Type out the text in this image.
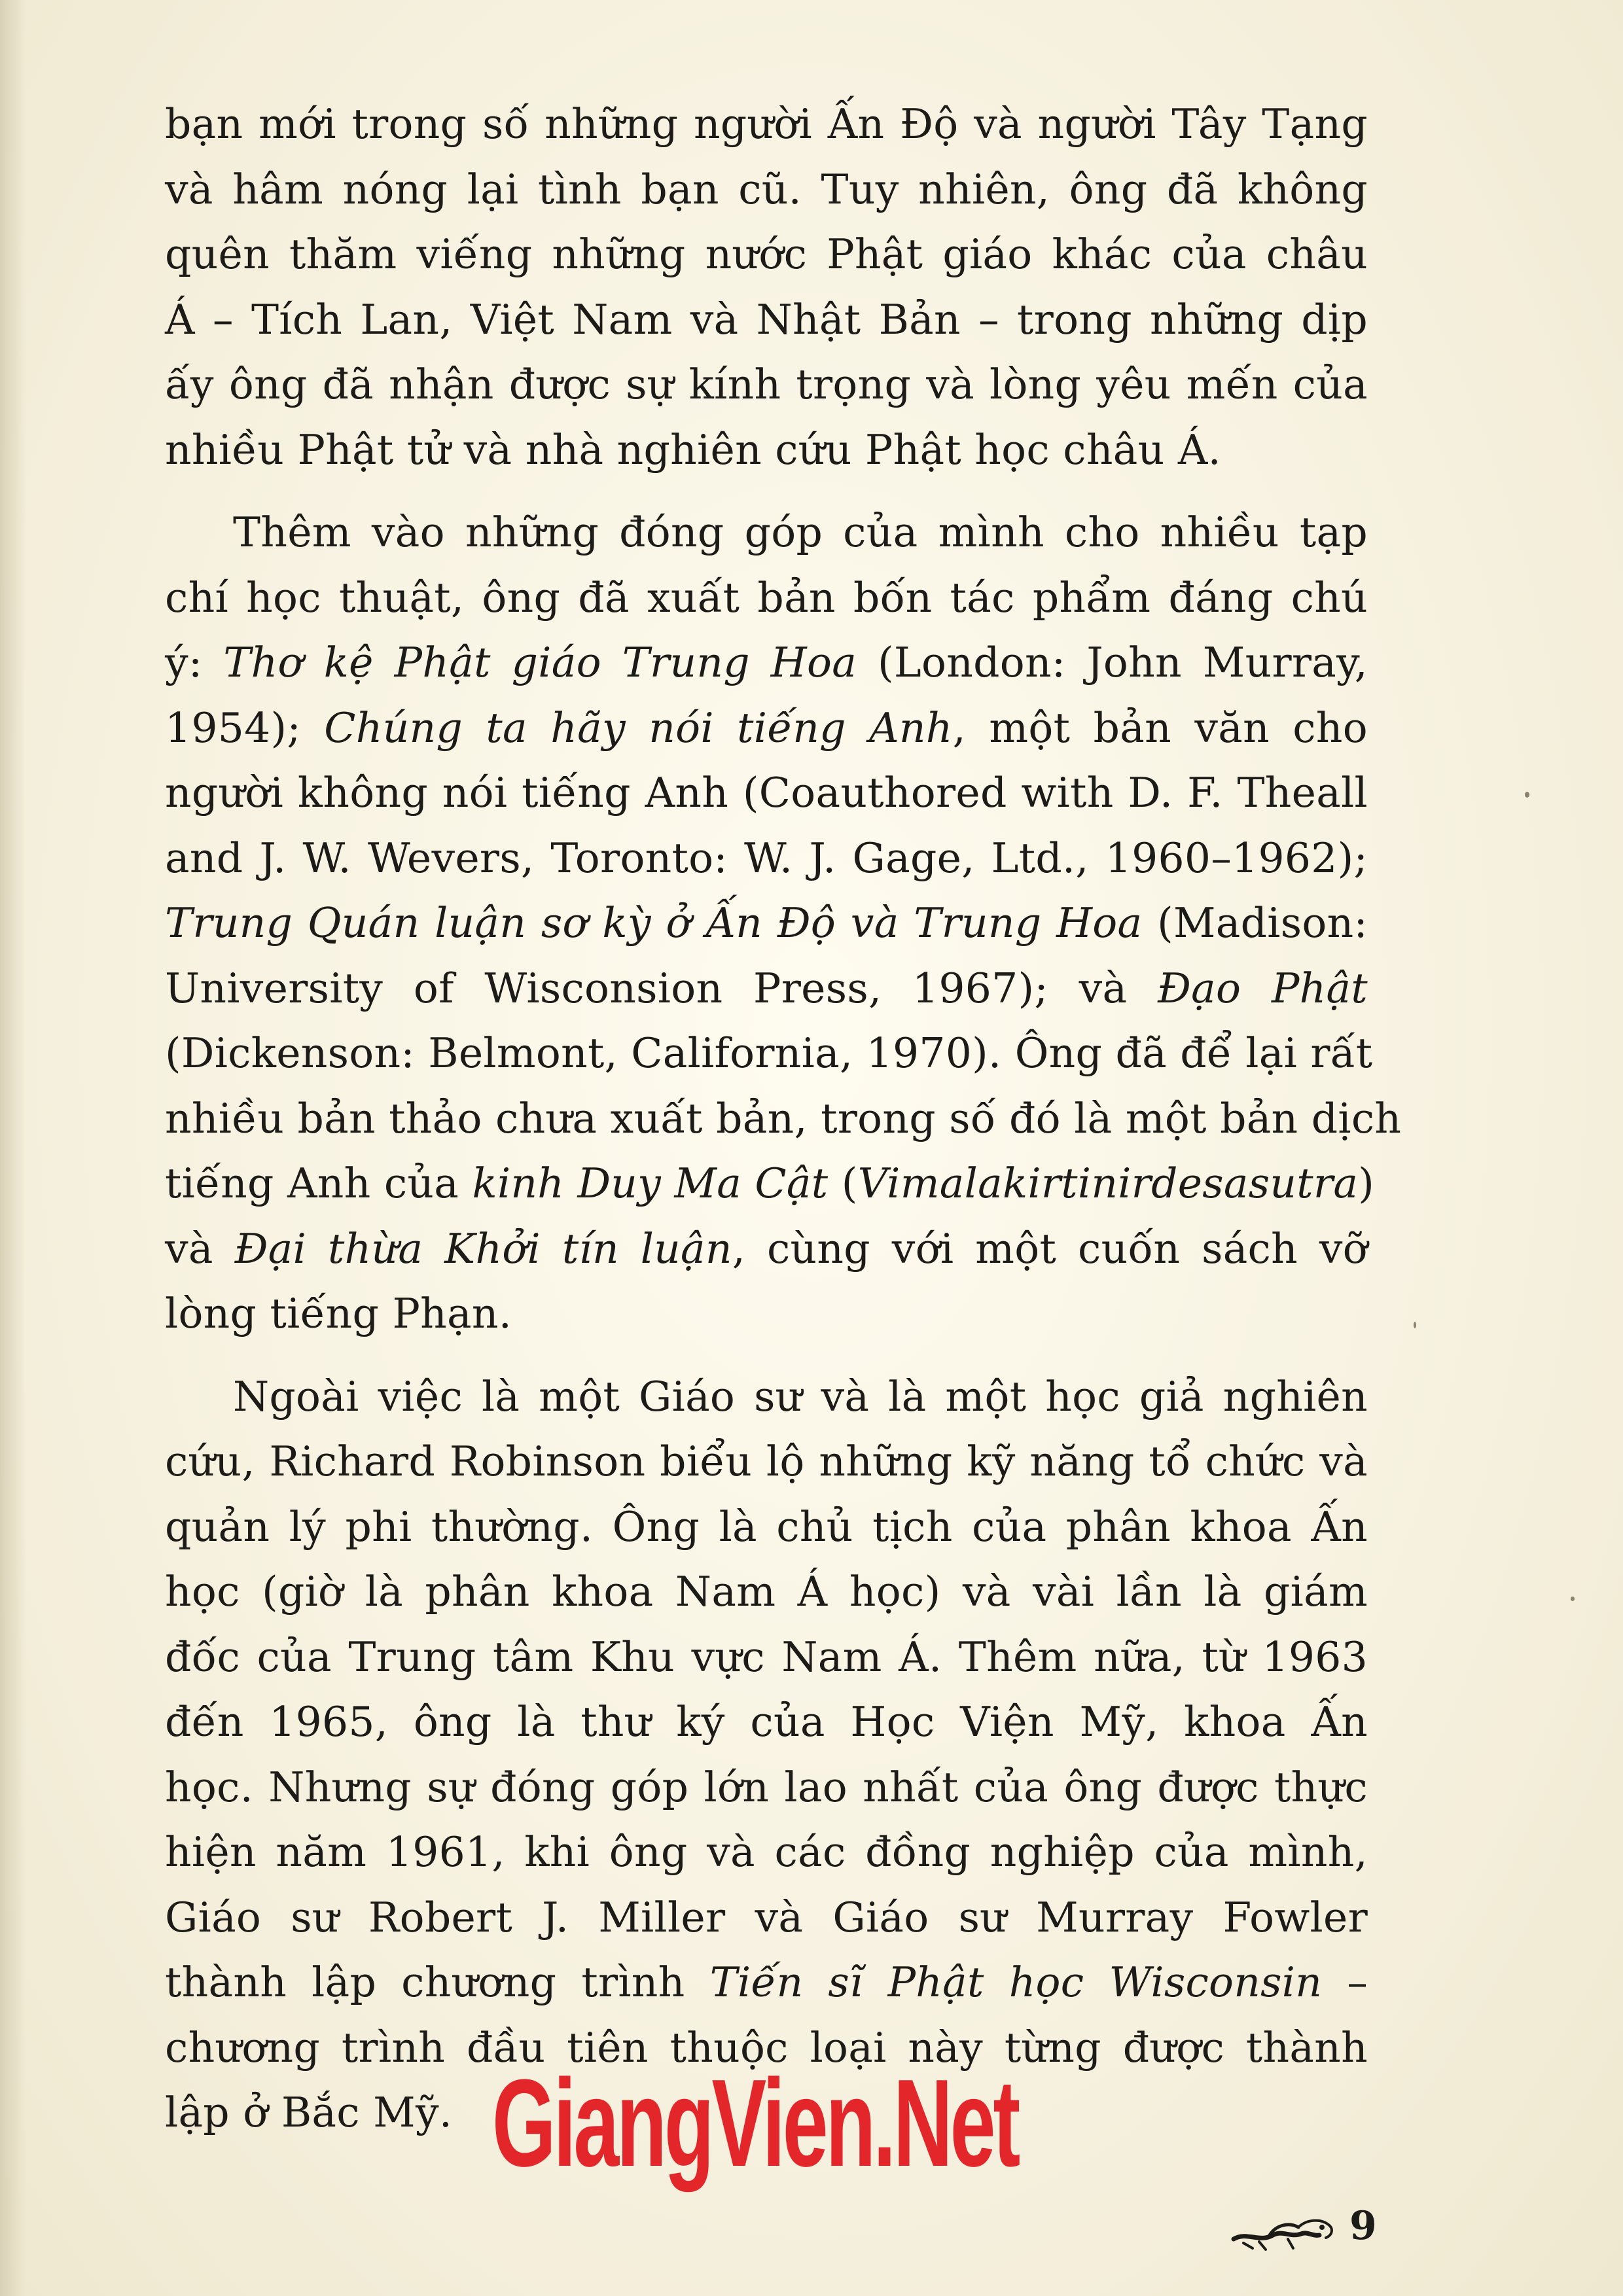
bạn mới trong số những người Ấn Độ và người Tây Tạng
và hâm nóng lại tình bạn cũ. Tuy nhiên, ông đã không
quên thăm viếng những nước Phật giáo khác của châu
Á – Tích Lan, Việt Nam và Nhật Bản – trong những dịp
ấy ông đã nhận được sự kính trọng và lòng yêu mến của
nhiều Phật tử và nhà nghiên cứu Phật học châu Á.
Thêm vào những đóng góp của mình cho nhiều tạp
chí học thuật, ông đã xuất bản bốn tác phẩm đáng chú
ý: Thơ kệ Phật giáo Trung Hoa (London: John Murray,
1954); Chúng ta hãy nói tiếng Anh, một bản văn cho
người không nói tiếng Anh (Coauthored with D. F. Theall
and J. W. Wevers, Toronto: W. J. Gage, Ltd., 1960–1962);
Trung Quán luận sơ kỳ ở Ấn Độ và Trung Hoa (Madison:
University of Wisconsion Press, 1967); và Đạo Phật
(Dickenson: Belmont, California, 1970). Ông đã để lại rất
nhiều bản thảo chưa xuất bản, trong số đó là một bản dịch
tiếng Anh của kinh Duy Ma Cật (Vimalakirtinirdesasutra)
và Đại thừa Khởi tín luận, cùng với một cuốn sách vỡ
lòng tiếng Phạn.
Ngoài việc là một Giáo sư và là một học giả nghiên
cứu, Richard Robinson biểu lộ những kỹ năng tổ chức và
quản lý phi thường. Ông là chủ tịch của phân khoa Ấn
học (giờ là phân khoa Nam Á học) và vài lần là giám
đốc của Trung tâm Khu vực Nam Á. Thêm nữa, từ 1963
đến 1965, ông là thư ký của Học Viện Mỹ, khoa Ấn
học. Nhưng sự đóng góp lớn lao nhất của ông được thực
hiện năm 1961, khi ông và các đồng nghiệp của mình,
Giáo sư Robert J. Miller và Giáo sư Murray Fowler
thành lập chương trình Tiến sĩ Phật học Wisconsin –
chương trình đầu tiên thuộc loại này từng được thành
lập ở Bắc Mỹ. GiangVien.Net
9
